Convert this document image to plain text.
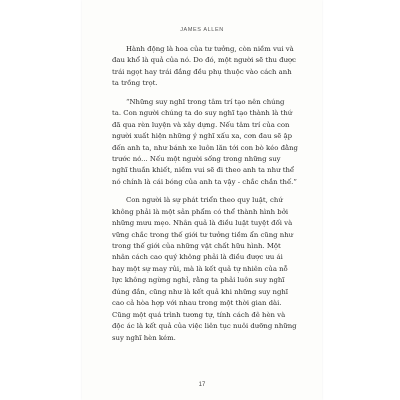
JAMES ALLEN
Hành động là hoa của tư tưởng, còn niềm vui và
đau khổ là quả của nó. Do đó, một người sẽ thu được
trái ngọt hay trái đắng đều phụ thuộc vào cách anh
ta trồng trọt.
“Những suy nghĩ trong tâm trí tạo nên chúng
ta. Con người chúng ta do suy nghĩ tạo thành là thứ
đã qua rèn luyện và xây dựng. Nếu tâm trí của con
người xuất hiện những ý nghĩ xấu xa, cơn đau sẽ ập
đến anh ta, như bánh xe luôn lăn tới con bò kéo đằng
trước nó... Nếu một người sống trong những suy
nghĩ thuần khiết, niềm vui sẽ đi theo anh ta như thể
nó chính là cái bóng của anh ta vậy - chắc chắn thế.”
Con người là sự phát triển theo quy luật, chứ
không phải là một sản phẩm có thể thành hình bởi
những mưu mẹo. Nhân quả là điều luật tuyệt đối và
vững chắc trong thế giới tư tưởng tiềm ẩn cũng như
trong thế giới của những vật chất hữu hình. Một
nhân cách cao quý không phải là điều được ưu ái
hay một sự may rủi, mà là kết quả tự nhiên của nỗ
lực không ngừng nghỉ, rằng ta phải luôn suy nghĩ
đúng đắn, cũng như là kết quả khi những suy nghĩ
cao cả hòa hợp với nhau trong một thời gian dài.
Cũng một quá trình tương tự, tính cách đê hèn và
độc ác là kết quả của việc liên tục nuôi dưỡng những
suy nghĩ hèn kém.
17
